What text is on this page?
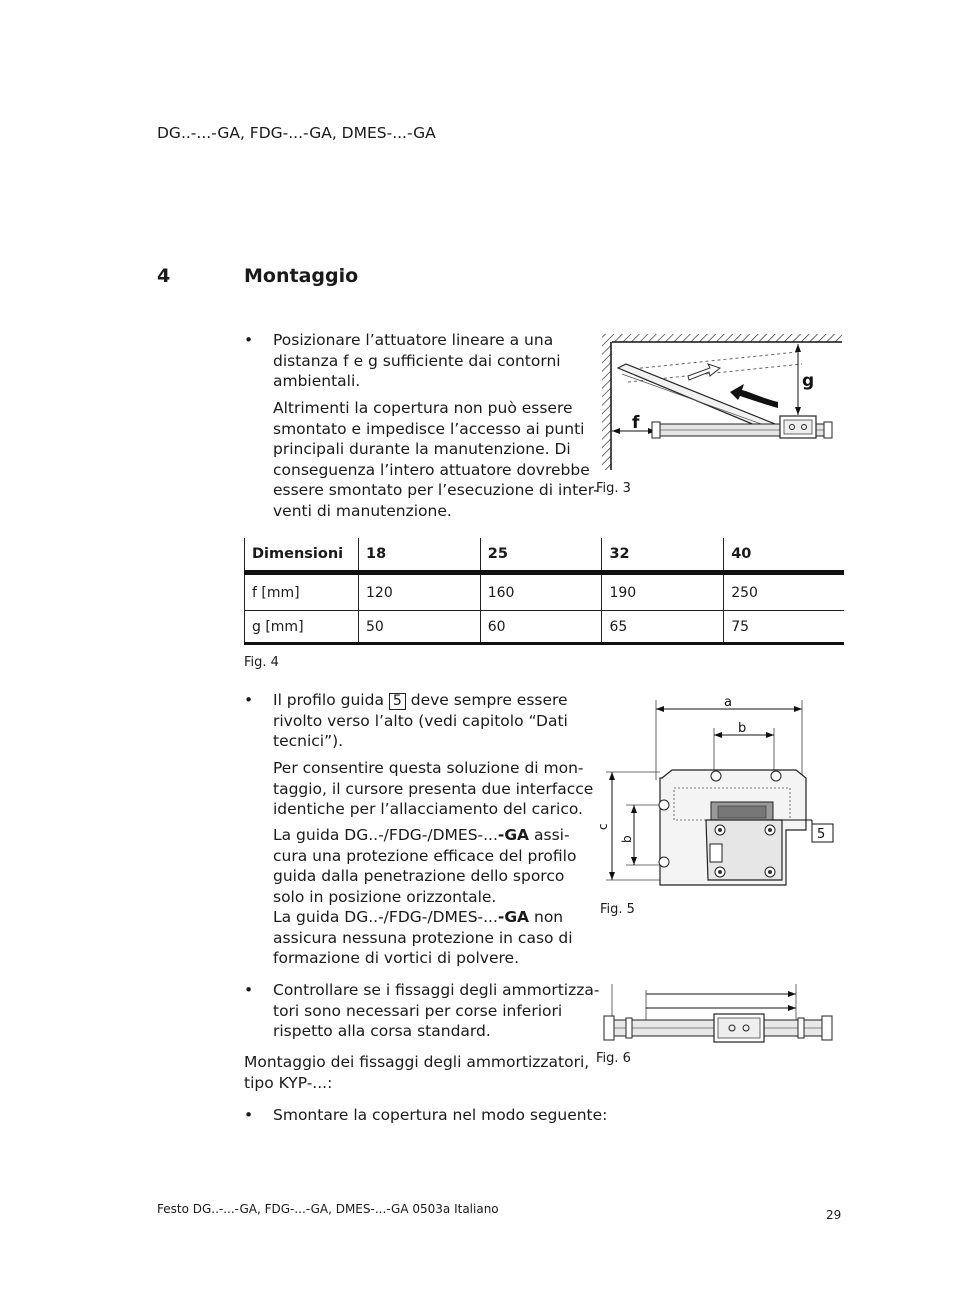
DG..-...-GA, FDG-...-GA, DMES-...-GA
4	Montaggio
• Posizionare l’attuatore lineare a una
distanza f e g sufficiente dai contorni
ambientali.
Altrimenti la copertura non può essere
smontato e impedisce l’accesso ai punti
principali durante la manutenzione. Di
conseguenza l’intero attuatore dovrebbe
essere smontato per l’esecuzione di inter-
venti di manutenzione.
g
f
Fig. 3
Dimensioni	18	25	32	40
f [mm]	120	160	190	250
g [mm]	50	60	65	75
Fig. 4
• Il profilo guida 5 deve sempre essere
rivolto verso l’alto (vedi capitolo “Dati
tecnici”).
Per consentire questa soluzione di mon-
taggio, il cursore presenta due interfacce
identiche per l’allacciamento del carico.
La guida DG..-/FDG-/DMES-...-GA assi-
cura una protezione efficace del profilo
guida dalla penetrazione dello sporco
solo in posizione orizzontale.
La guida DG..-/FDG-/DMES-...-GA non
assicura nessuna protezione in caso di
formazione di vortici di polvere.
a
b
c
b	5
Fig. 5
• Controllare se i fissaggi degli ammortizza-
tori sono necessari per corse inferiori
rispetto alla corsa standard.
Montaggio dei fissaggi degli ammortizzatori,
tipo KYP-...:
• Smontare la copertura nel modo seguente:
Fig. 6
Festo DG..-...-GA, FDG-...-GA, DMES-...-GA 0503a Italiano	29
